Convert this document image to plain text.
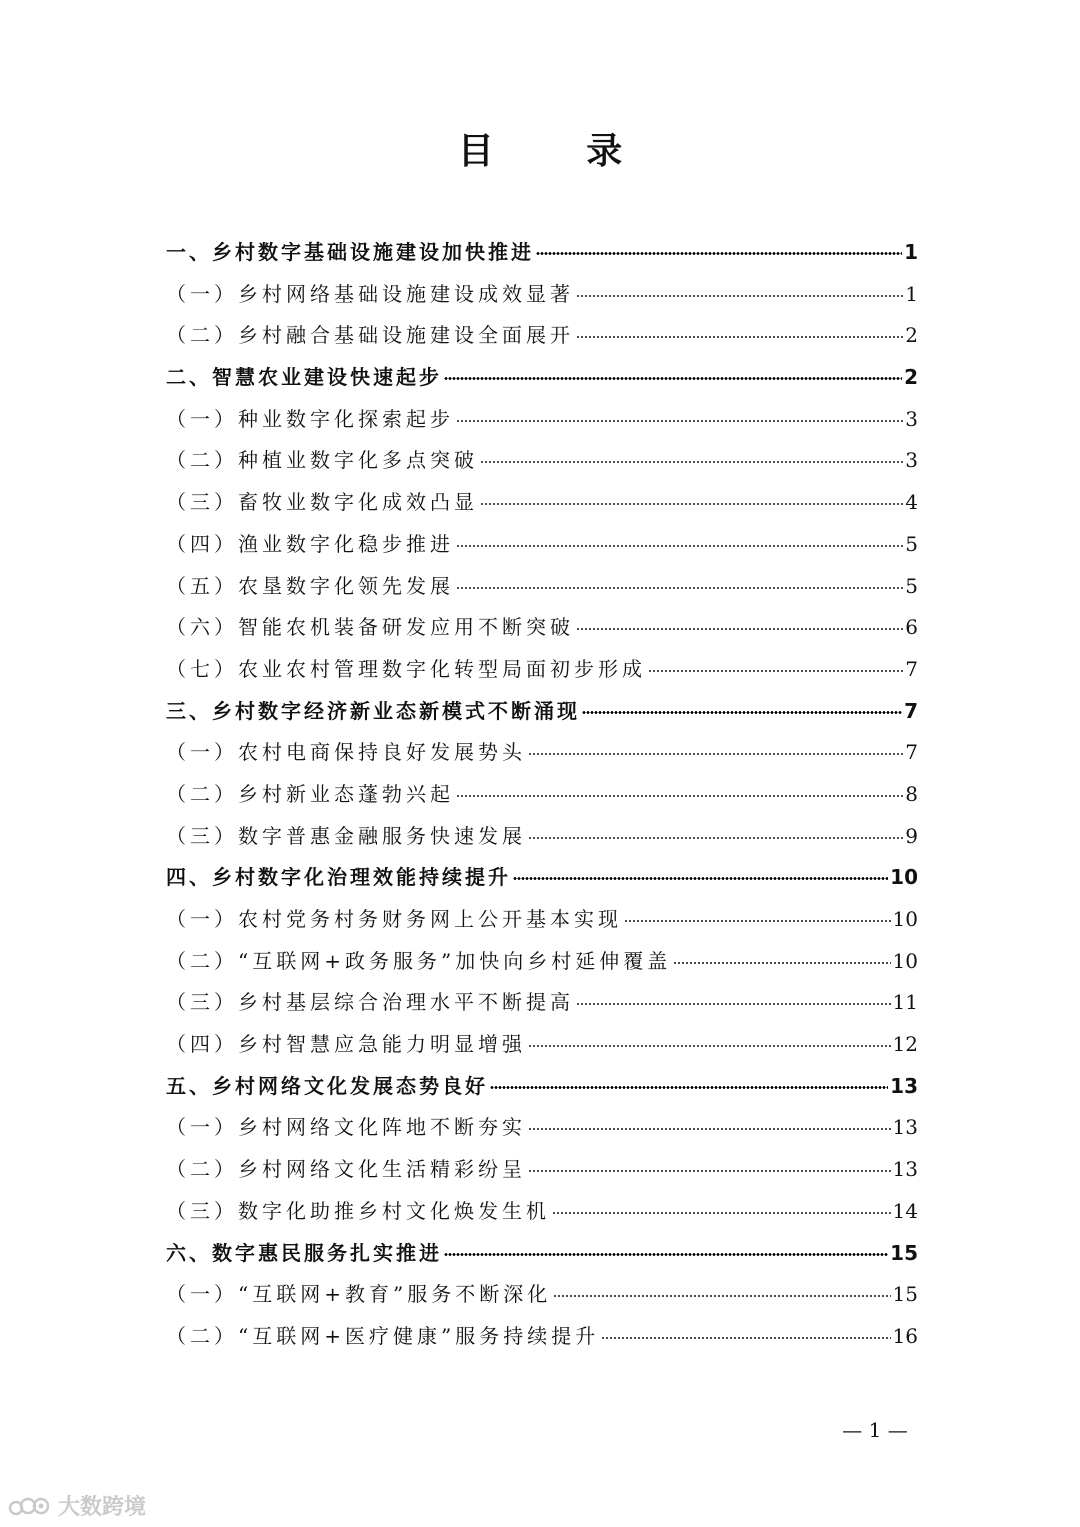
目 录
一、乡村数字基础设施建设加快推进	1
（一）乡村网络基础设施建设成效显著	1
（二）乡村融合基础设施建设全面展开	2
二、智慧农业建设快速起步	2
（一）种业数字化探索起步	3
（二）种植业数字化多点突破	3
（三）畜牧业数字化成效凸显	4
（四）渔业数字化稳步推进	5
（五）农垦数字化领先发展	5
（六）智能农机装备研发应用不断突破	6
（七）农业农村管理数字化转型局面初步形成	7
三、乡村数字经济新业态新模式不断涌现	7
（一）农村电商保持良好发展势头	7
（二）乡村新业态蓬勃兴起	8
（三）数字普惠金融服务快速发展	9
四、乡村数字化治理效能持续提升	10
（一）农村党务村务财务网上公开基本实现	10
（二）“互联网+政务服务”加快向乡村延伸覆盖	10
（三）乡村基层综合治理水平不断提高	11
（四）乡村智慧应急能力明显增强	12
五、乡村网络文化发展态势良好	13
（一）乡村网络文化阵地不断夯实	13
（二）乡村网络文化生活精彩纷呈	13
（三）数字化助推乡村文化焕发生机	14
六、数字惠民服务扎实推进	15
（一）“互联网+教育”服务不断深化	15
（二）“互联网+医疗健康”服务持续提升	16
— 1 —
大数跨境
